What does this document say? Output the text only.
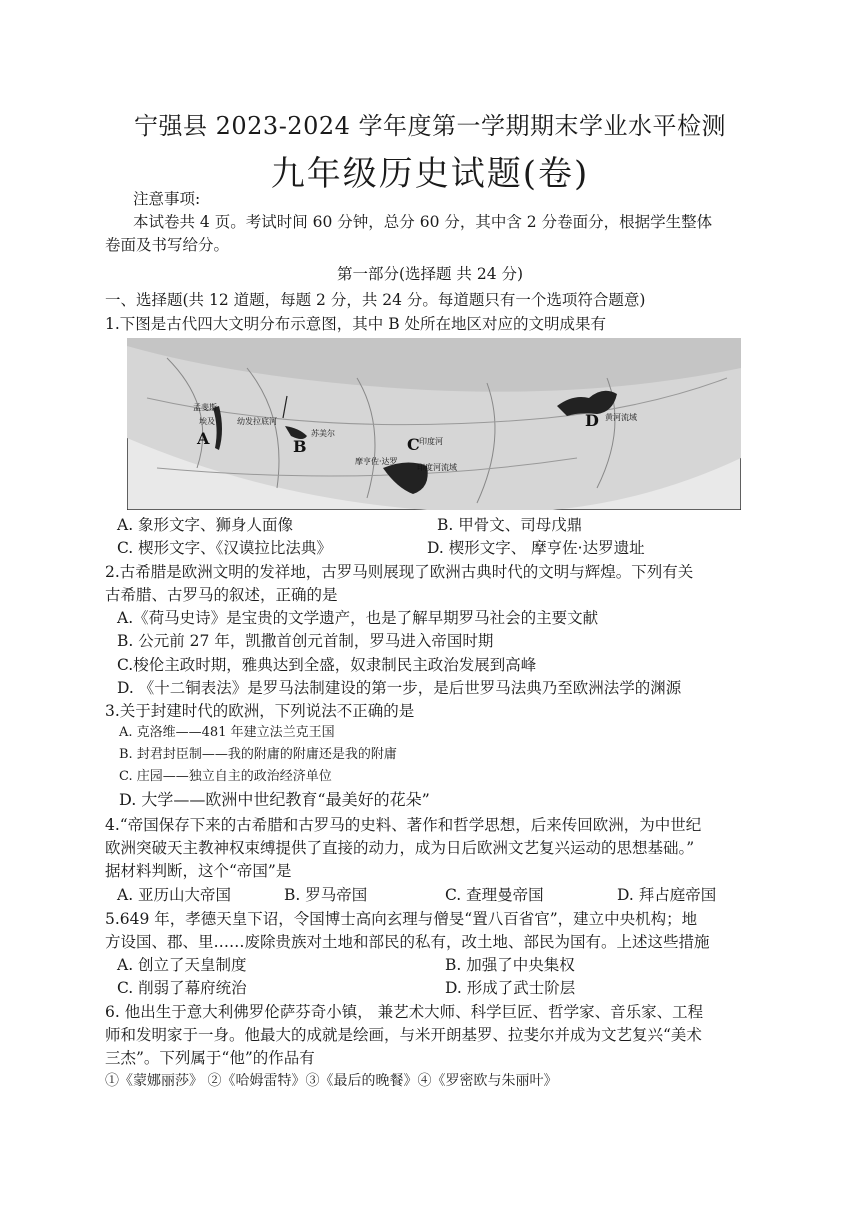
宁强县 2023-2024 学年度第一学期期末学业水平检测
九年级历史试题(卷)
注意事项:
本试卷共 4 页。考试时间 60 分钟，总分 60 分，其中含 2 分卷面分，根据学生整体
卷面及书写给分。
第一部分(选择题 共 24 分)
一、选择题(共 12 道题，每题 2 分，共 24 分。每道题只有一个选项符合题意)
1.下图是古代四大文明分布示意图，其中 B 处所在地区对应的文明成果有
孟斐斯
埃及
A
幼发拉底河
苏美尔
B	C 印度河
摩亨佐·达罗
印度河流域
D 黄河流域
A. 象形文字、狮身人面像	B. 甲骨文、司母戊鼎
C. 楔形文字、《汉谟拉比法典》	D. 楔形文字、 摩亨佐·达罗遗址
2.古希腊是欧洲文明的发祥地，古罗马则展现了欧洲古典时代的文明与辉煌。下列有关
古希腊、古罗马的叙述，正确的是
A.《荷马史诗》是宝贵的文学遗产，也是了解早期罗马社会的主要文献
B. 公元前 27 年，凯撒首创元首制，罗马进入帝国时期
C.梭伦主政时期，雅典达到全盛，奴隶制民主政治发展到高峰
D. 《十二铜表法》是罗马法制建设的第一步，是后世罗马法典乃至欧洲法学的渊源
3.关于封建时代的欧洲，下列说法不正确的是
A. 克洛维——481 年建立法兰克王国
B. 封君封臣制——我的附庸的附庸还是我的附庸
C. 庄园——独立自主的政治经济单位
D. 大学——欧洲中世纪教育“最美好的花朵”
4.“帝国保存下来的古希腊和古罗马的史料、著作和哲学思想，后来传回欧洲，为中世纪
欧洲突破天主教神权束缚提供了直接的动力，成为日后欧洲文艺复兴运动的思想基础。”
据材料判断，这个“帝国”是
A. 亚历山大帝国	B. 罗马帝国	C. 查理曼帝国	D. 拜占庭帝国
5.649 年，孝德天皇下诏，令国博士高向玄理与僧旻“置八百省官”，建立中央机构；地
方设国、郡、里……废除贵族对土地和部民的私有，改土地、部民为国有。上述这些措施
A. 创立了天皇制度	B. 加强了中央集权
C. 削弱了幕府统治	D. 形成了武士阶层
6. 他出生于意大利佛罗伦萨芬奇小镇， 兼艺术大师、科学巨匠、哲学家、音乐家、工程
师和发明家于一身。他最大的成就是绘画，与米开朗基罗、拉斐尔并成为文艺复兴“美术
三杰”。下列属于“他”的作品有
①《蒙娜丽莎》 ②《哈姆雷特》③《最后的晚餐》④《罗密欧与朱丽叶》
